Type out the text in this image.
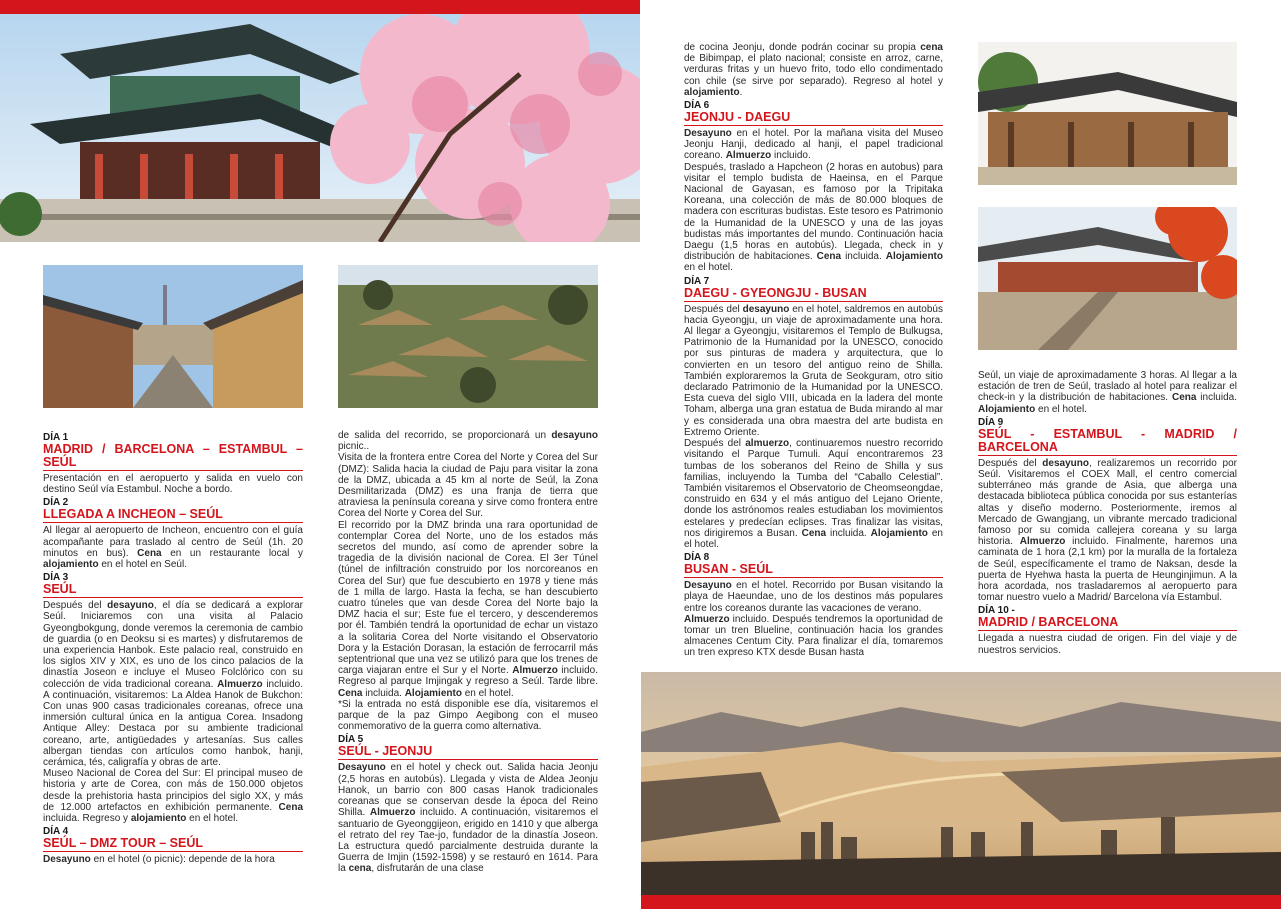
DÍA 1
MADRID / BARCELONA – ESTAMBUL – SEÚL

Presentación en el aeropuerto y salida en vuelo con destino Seúl vía Estambul. Noche a bordo.

DÍA 2
LLEGADA A INCHEON – SEÚL

Al llegar al aeropuerto de Incheon, encuentro con el guía acompañante para traslado al centro de Seúl (1h. 20 minutos en bus). Cena en un restaurante local y alojamiento en el hotel en Seúl.

DÍA 3
SEÚL

Después del desayuno, el día se dedicará a explorar Seúl. Iniciaremos con una visita al Palacio Gyeongbokgung, donde veremos la ceremonia de cambio de guardia (o en Deoksu si es martes) y disfrutaremos de una experiencia Hanbok. Este palacio real, construido en los siglos XIV y XIX, es uno de los cinco palacios de la dinastía Joseon e incluye el Museo Folclórico con su colección de vida tradicional coreana. Almuerzo incluido. A continuación, visitaremos: La Aldea Hanok de Bukchon: Con unas 900 casas tradicionales coreanas, ofrece una inmersión cultural única en la antigua Corea. Insadong Antique Alley: Destaca por su ambiente tradicional coreano, arte, antigüedades y artesanías. Sus calles albergan tiendas con artículos como hanbok, hanji, cerámica, tés, caligrafía y obras de arte.

Museo Nacional de Corea del Sur: El principal museo de historia y arte de Corea, con más de 150.000 objetos desde la prehistoria hasta principios del siglo XX, y más de 12.000 artefactos en exhibición permanente. Cena incluida. Regreso y alojamiento en el hotel.

DÍA 4
SEÚL – DMZ TOUR – SEÚL

Desayuno en el hotel (o picnic): depende de la hora

de salida del recorrido, se proporcionará un desayuno picnic..

Visita de la frontera entre Corea del Norte y Corea del Sur (DMZ): Salida hacia la ciudad de Paju para visitar la zona de la DMZ, ubicada a 45 km al norte de Seúl, la Zona Desmilitarizada (DMZ) es una franja de tierra que atraviesa la península coreana y sirve como frontera entre Corea del Norte y Corea del Sur.

El recorrido por la DMZ brinda una rara oportunidad de contemplar Corea del Norte, uno de los estados más secretos del mundo, así como de aprender sobre la tragedia de la división nacional de Corea. El 3er Túnel (túnel de infiltración construido por los norcoreanos en Corea del Sur) que fue descubierto en 1978 y tiene más de 1 milla de largo. Hasta la fecha, se han descubierto cuatro túneles que van desde Corea del Norte bajo la DMZ hacia el sur; Este fue el tercero, y descenderemos por él. También tendrá la oportunidad de echar un vistazo a la solitaria Corea del Norte visitando el Observatorio Dora y la Estación Dorasan, la estación de ferrocarril más septentrional que una vez se utilizó para que los trenes de carga viajaran entre el Sur y el Norte. Almuerzo incluido. Regreso al parque Imjingak y regreso a Seúl. Tarde libre. Cena incluida. Alojamiento en el hotel.

*Si la entrada no está disponible ese día, visitaremos el parque de la paz Gimpo Aegibong con el museo conmemorativo de la guerra como alternativa.

DÍA 5
SEÚL - JEONJU

Desayuno en el hotel y check out. Salida hacia Jeonju (2,5 horas en autobús). Llegada y vista de Aldea Jeonju Hanok, un barrio con 800 casas Hanok tradicionales coreanas que se conservan desde la época del Reino Shilla. Almuerzo incluido. A continuación, visitaremos el santuario de Gyeonggijeon, erigido en 1410 y que alberga el retrato del rey Tae-jo, fundador de la dinastía Joseon. La estructura quedó parcialmente destruida durante la Guerra de Imjin (1592-1598) y se restauró en 1614. Para la cena, disfrutarán de una clase

de cocina Jeonju, donde podrán cocinar su propia cena de Bibimpap, el plato nacional; consiste en arroz, carne, verduras fritas y un huevo frito, todo ello condimentado con chile (se sirve por separado). Regreso al hotel y alojamiento.

DÍA 6
JEONJU - DAEGU

Desayuno en el hotel. Por la mañana visita del Museo Jeonju Hanji, dedicado al hanji, el papel tradicional coreano. Almuerzo incluido.

Después, traslado a Hapcheon (2 horas en autobus) para visitar el templo budista de Haeinsa, en el Parque Nacional de Gayasan, es famoso por la Tripitaka Koreana, una colección de más de 80.000 bloques de madera con escrituras budistas. Este tesoro es Patrimonio de la Humanidad de la UNESCO y una de las joyas budistas más importantes del mundo. Continuación hacia Daegu (1,5 horas en autobús). Llegada, check in y distribución de habitaciones. Cena incluida. Alojamiento en el hotel.

DÍA 7
DAEGU - GYEONGJU - BUSAN

Después del desayuno en el hotel, saldremos en autobús hacia Gyeongju, un viaje de aproximadamente una hora. Al llegar a Gyeongju, visitaremos el Templo de Bulkugsa, Patrimonio de la Humanidad por la UNESCO, conocido por sus pinturas de madera y arquitectura, que lo convierten en un tesoro del antiguo reino de Shilla. También exploraremos la Gruta de Seokguram, otro sitio declarado Patrimonio de la Humanidad por la UNESCO. Esta cueva del siglo VIII, ubicada en la ladera del monte Toham, alberga una gran estatua de Buda mirando al mar y es considerada una obra maestra del arte budista en Extremo Oriente.

Después del almuerzo, continuaremos nuestro recorrido visitando el Parque Tumuli. Aquí encontraremos 23 tumbas de los soberanos del Reino de Shilla y sus familias, incluyendo la Tumba del “Caballo Celestial”. También visitaremos el Observatorio de Cheomseongdae, construido en 634 y el más antiguo del Lejano Oriente, donde los astrónomos reales estudiaban los movimientos estelares y predecían eclipses. Tras finalizar las visitas, nos dirigiremos a Busan. Cena incluida. Alojamiento en el hotel.

DÍA 8
BUSAN - SEÚL

Desayuno en el hotel. Recorrido por Busan visitando la playa de Haeundae, uno de los destinos más populares entre los coreanos durante las vacaciones de verano.

Almuerzo incluido. Después tendremos la oportunidad de tomar un tren Blueline, continuación hacia los grandes almacenes Centum City. Para finalizar el día, tomaremos un tren expreso KTX desde Busan hasta

Seúl, un viaje de aproximadamente 3 horas. Al llegar a la estación de tren de Seúl, traslado al hotel para realizar el check-in y la distribución de habitaciones. Cena incluida. Alojamiento en el hotel.

DÍA 9
SEÚL - ESTAMBUL - MADRID / BARCELONA

Después del desayuno, realizaremos un recorrido por Seúl. Visitaremos el COEX Mall, el centro comercial subterráneo más grande de Asia, que alberga una destacada biblioteca pública conocida por sus estanterías altas y diseño moderno. Posteriormente, iremos al Mercado de Gwangjang, un vibrante mercado tradicional famoso por su comida callejera coreana y su larga historia. Almuerzo incluido. Finalmente, haremos una caminata de 1 hora (2,1 km) por la muralla de la fortaleza de Seúl, específicamente el tramo de Naksan, desde la puerta de Hyehwa hasta la puerta de Heunginjimun. A la hora acordada, nos trasladaremos al aeropuerto para tomar nuestro vuelo a Madrid/ Barcelona vía Estambul.

DÍA 10 -
MADRID / BARCELONA

Llegada a nuestra ciudad de origen. Fin del viaje y de nuestros servicios.
